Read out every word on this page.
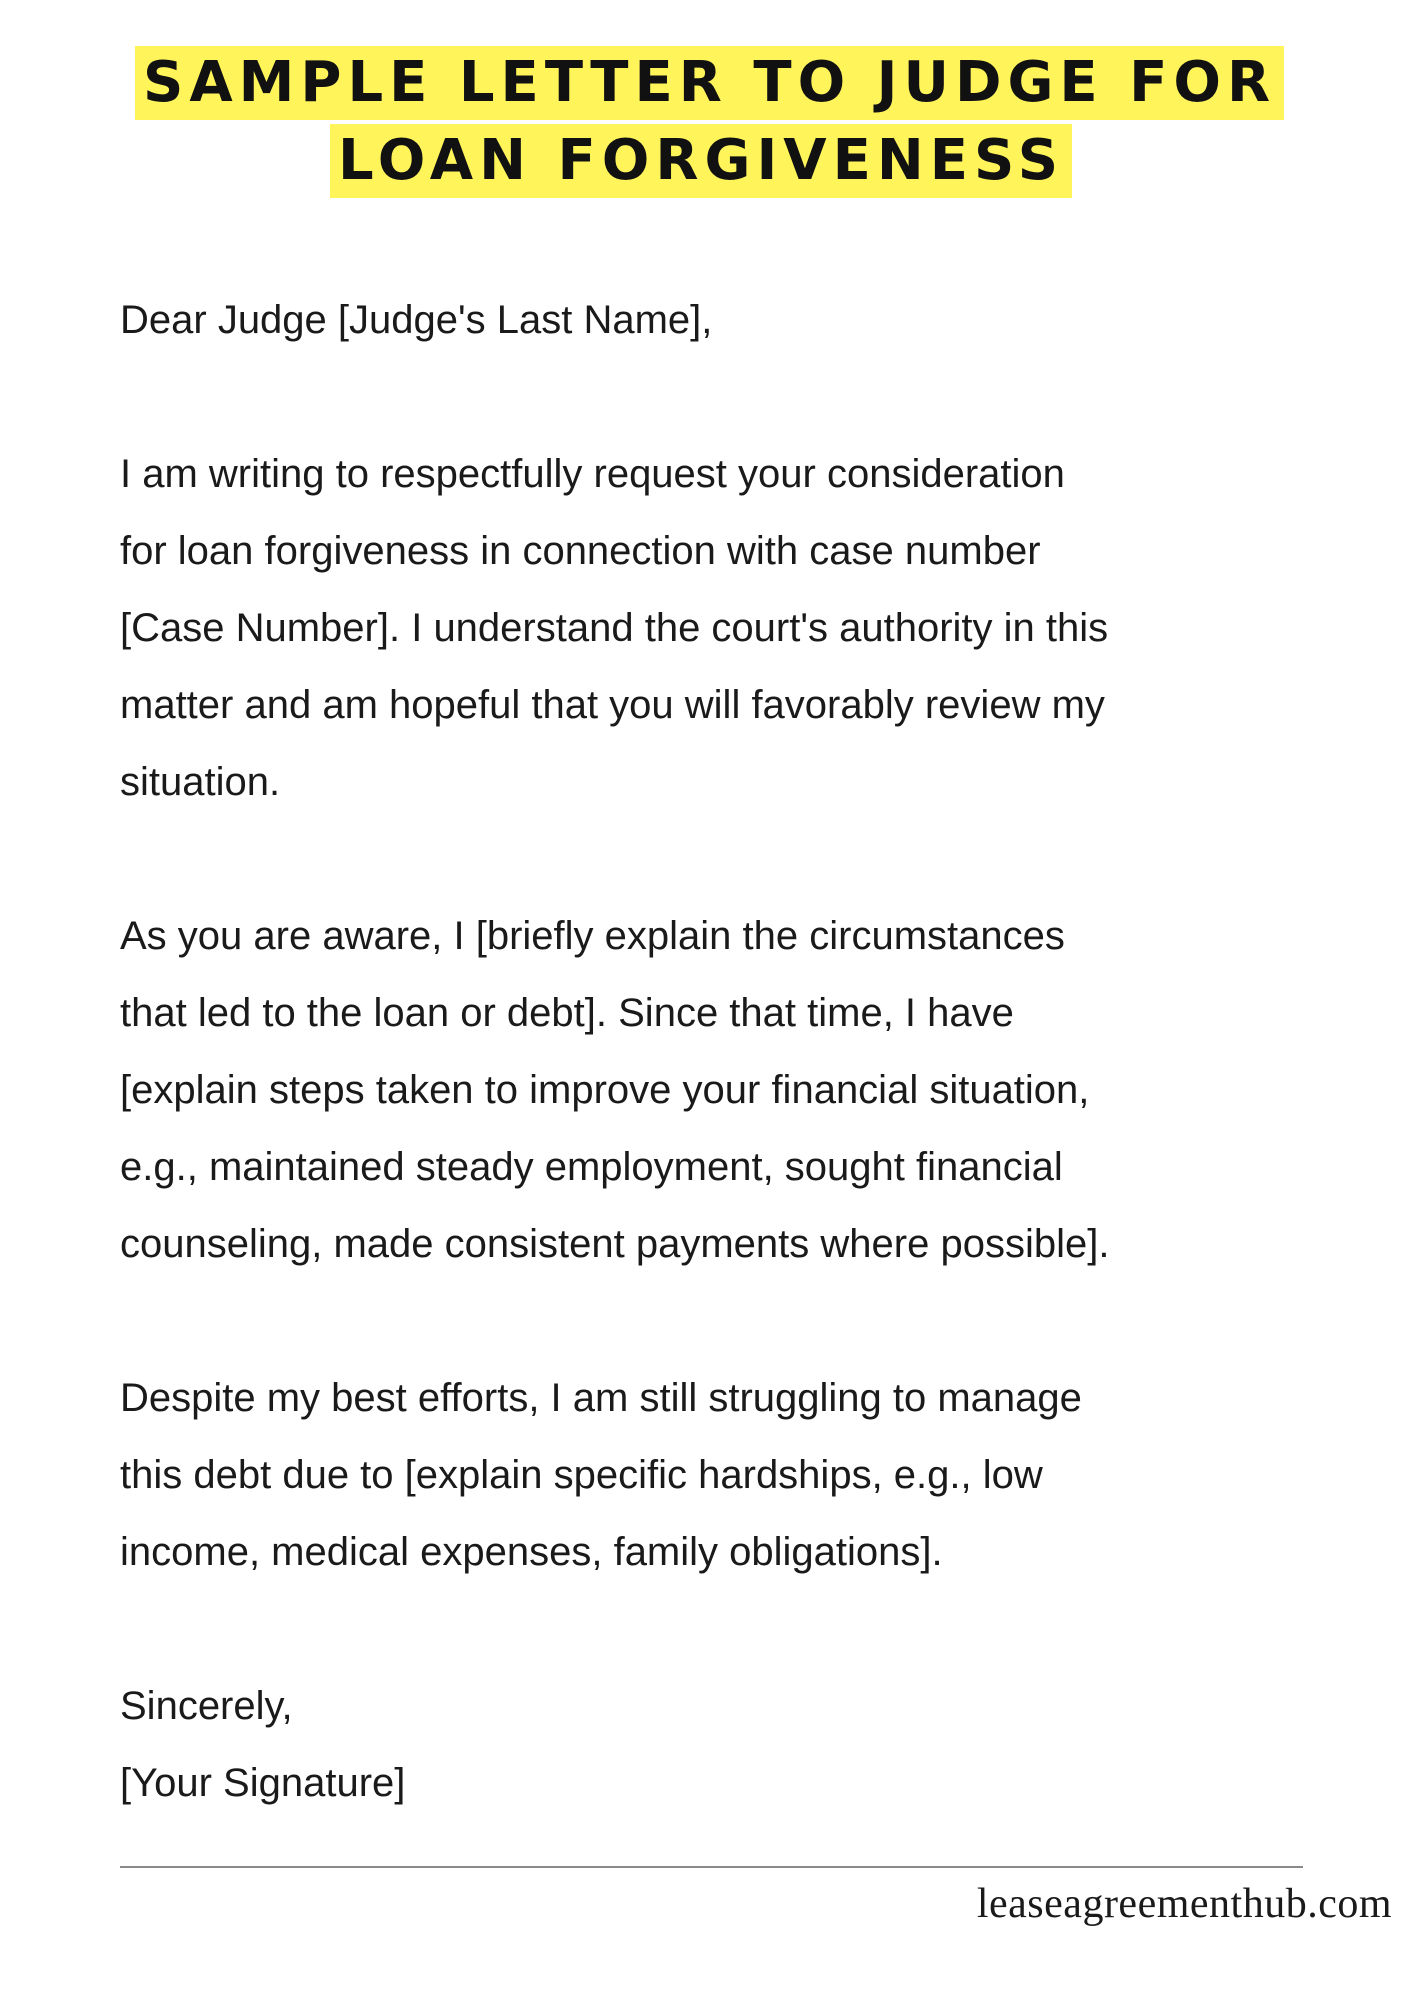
SAMPLE LETTER TO JUDGE FOR
LOAN FORGIVENESS

Dear Judge [Judge's Last Name],

I am writing to respectfully request your consideration

for loan forgiveness in connection with case number

[Case Number]. I understand the court's authority in this

matter and am hopeful that you will favorably review my

situation.

As you are aware, I [briefly explain the circumstances

that led to the loan or debt]. Since that time, I have

[explain steps taken to improve your financial situation,

e.g., maintained steady employment, sought financial

counseling, made consistent payments where possible].

Despite my best efforts, I am still struggling to manage

this debt due to [explain specific hardships, e.g., low

income, medical expenses, family obligations].

Sincerely,

[Your Signature]

leaseagreementhub.com
